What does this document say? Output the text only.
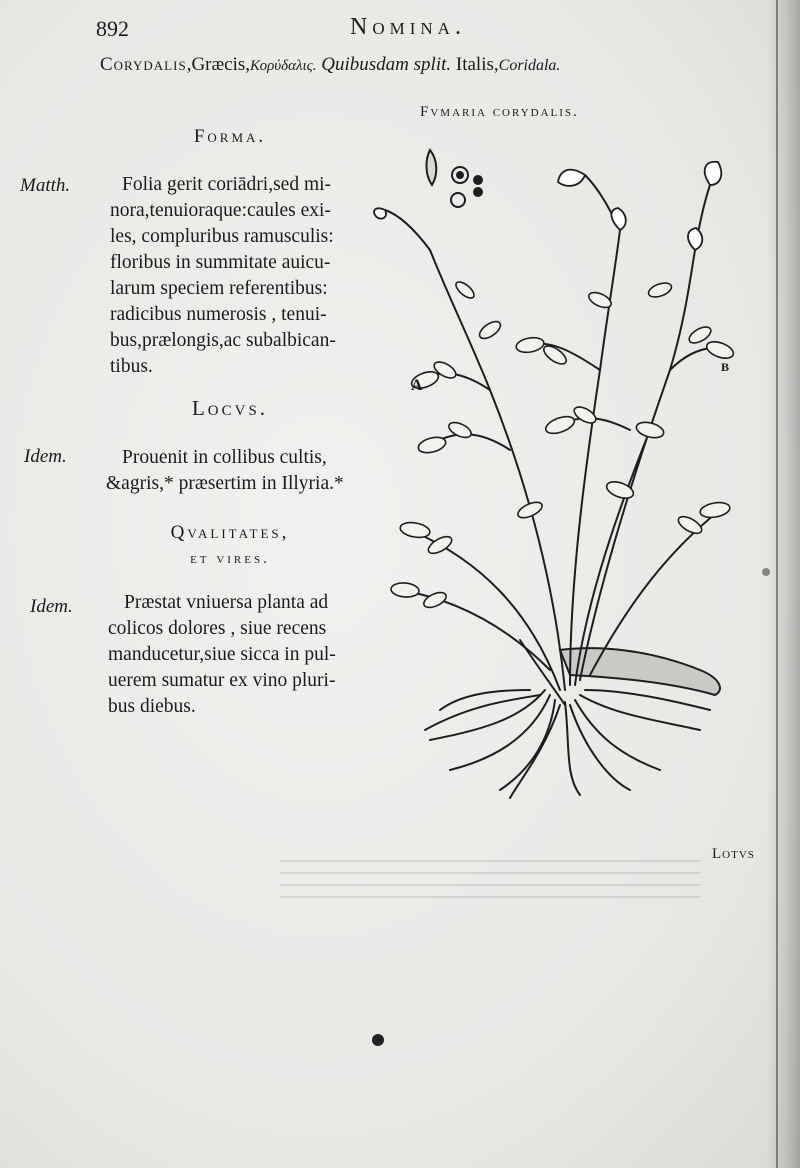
892	Nomina.
Corydalis,Græcis,Κορύδαλις. Quibusdam split. Italis,Coridala.
Forma.
Matth.	Folia gerit coriādri,sed mi-
nora,tenuioraque:caules exi-
les, compluribus ramusculis:
floribus in summitate auicu-
larum speciem referentibus:
radicibus numerosis , tenui-
bus,prælongis,ac subalbican-
tibus.
Locvs.
Idem.	Prouenit in collibus cultis,
&agris,* præsertim in Illyria.*
Qvalitates,
et vires.
Idem.	Præstat vniuersa planta ad
colicos dolores , siue recens
manducetur,siue sicca in pul-
uerem sumatur ex vino pluri-
bus diebus.
Fvmaria corydalis.
A
B
Lotvs
